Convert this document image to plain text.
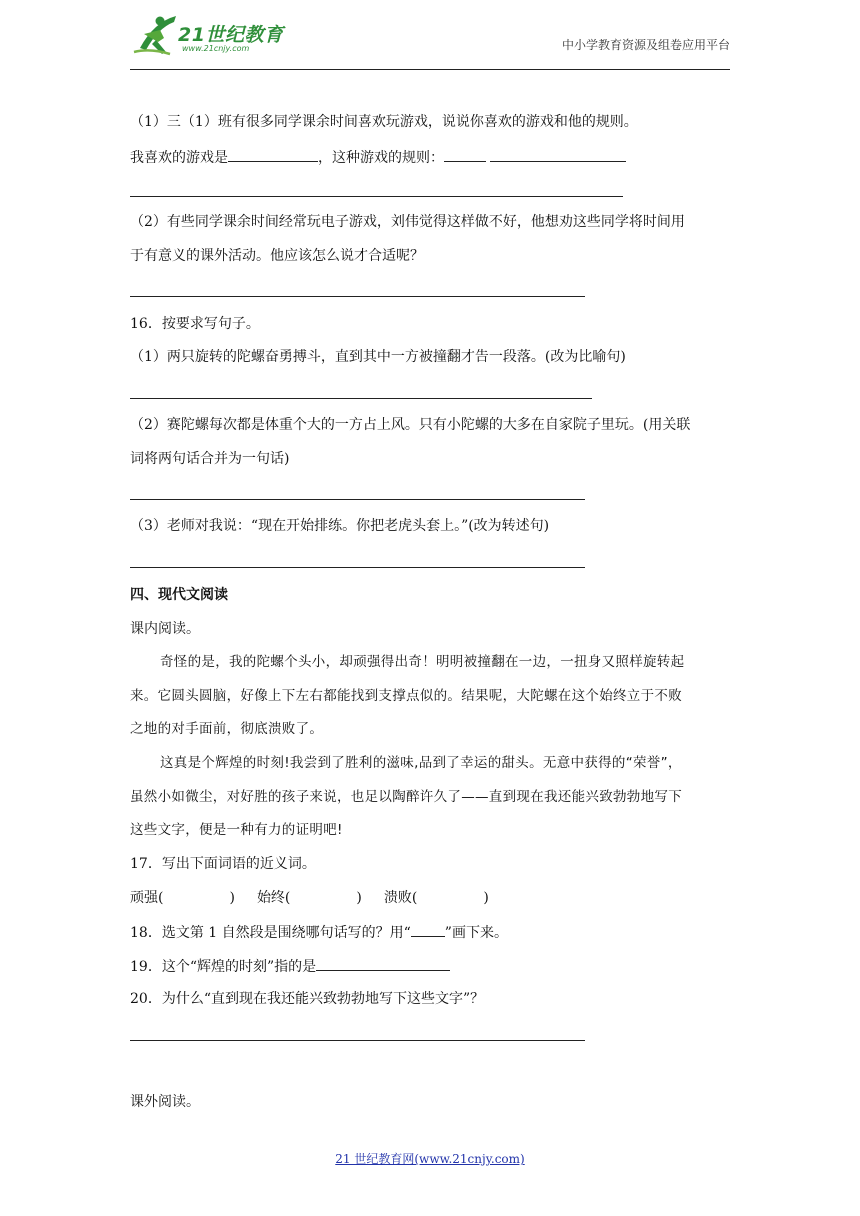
21世纪教育
www.21cnjy.com	中小学教育资源及组卷应用平台
（1）三（1）班有很多同学课余时间喜欢玩游戏，说说你喜欢的游戏和他的规则。
我喜欢的游戏是	，这种游戏的规则：
（2）有些同学课余时间经常玩电子游戏，刘伟觉得这样做不好，他想劝这些同学将时间用
于有意义的课外活动。他应该怎么说才合适呢？
16．按要求写句子。
（1）两只旋转的陀螺奋勇搏斗，直到其中一方被撞翻才告一段落。(改为比喻句)
（2）赛陀螺每次都是体重个大的一方占上风。只有小陀螺的大多在自家院子里玩。(用关联
词将两句话合并为一句话)
（3）老师对我说：“现在开始排练。你把老虎头套上。”(改为转述句)
四、现代文阅读
课内阅读。
奇怪的是，我的陀螺个头小，却顽强得出奇！明明被撞翻在一边，一扭身又照样旋转起
来。它圆头圆脑，好像上下左右都能找到支撑点似的。结果呢，大陀螺在这个始终立于不败
之地的对手面前，彻底溃败了。
这真是个辉煌的时刻!我尝到了胜利的滋味,品到了幸运的甜头。无意中获得的“荣誉”，
虽然小如微尘，对好胜的孩子来说，也足以陶醉许久了——直到现在我还能兴致勃勃地写下
这些文字，便是一种有力的证明吧!
17．写出下面词语的近义词。
顽强(	) 始终(	) 溃败(	)
18．选文第 1 自然段是围绕哪句话写的？用“ ”画下来。
19．这个“辉煌的时刻”指的是
20．为什么“直到现在我还能兴致勃勃地写下这些文字”？
课外阅读。
21 世纪教育网(www.21cnjy.com)
